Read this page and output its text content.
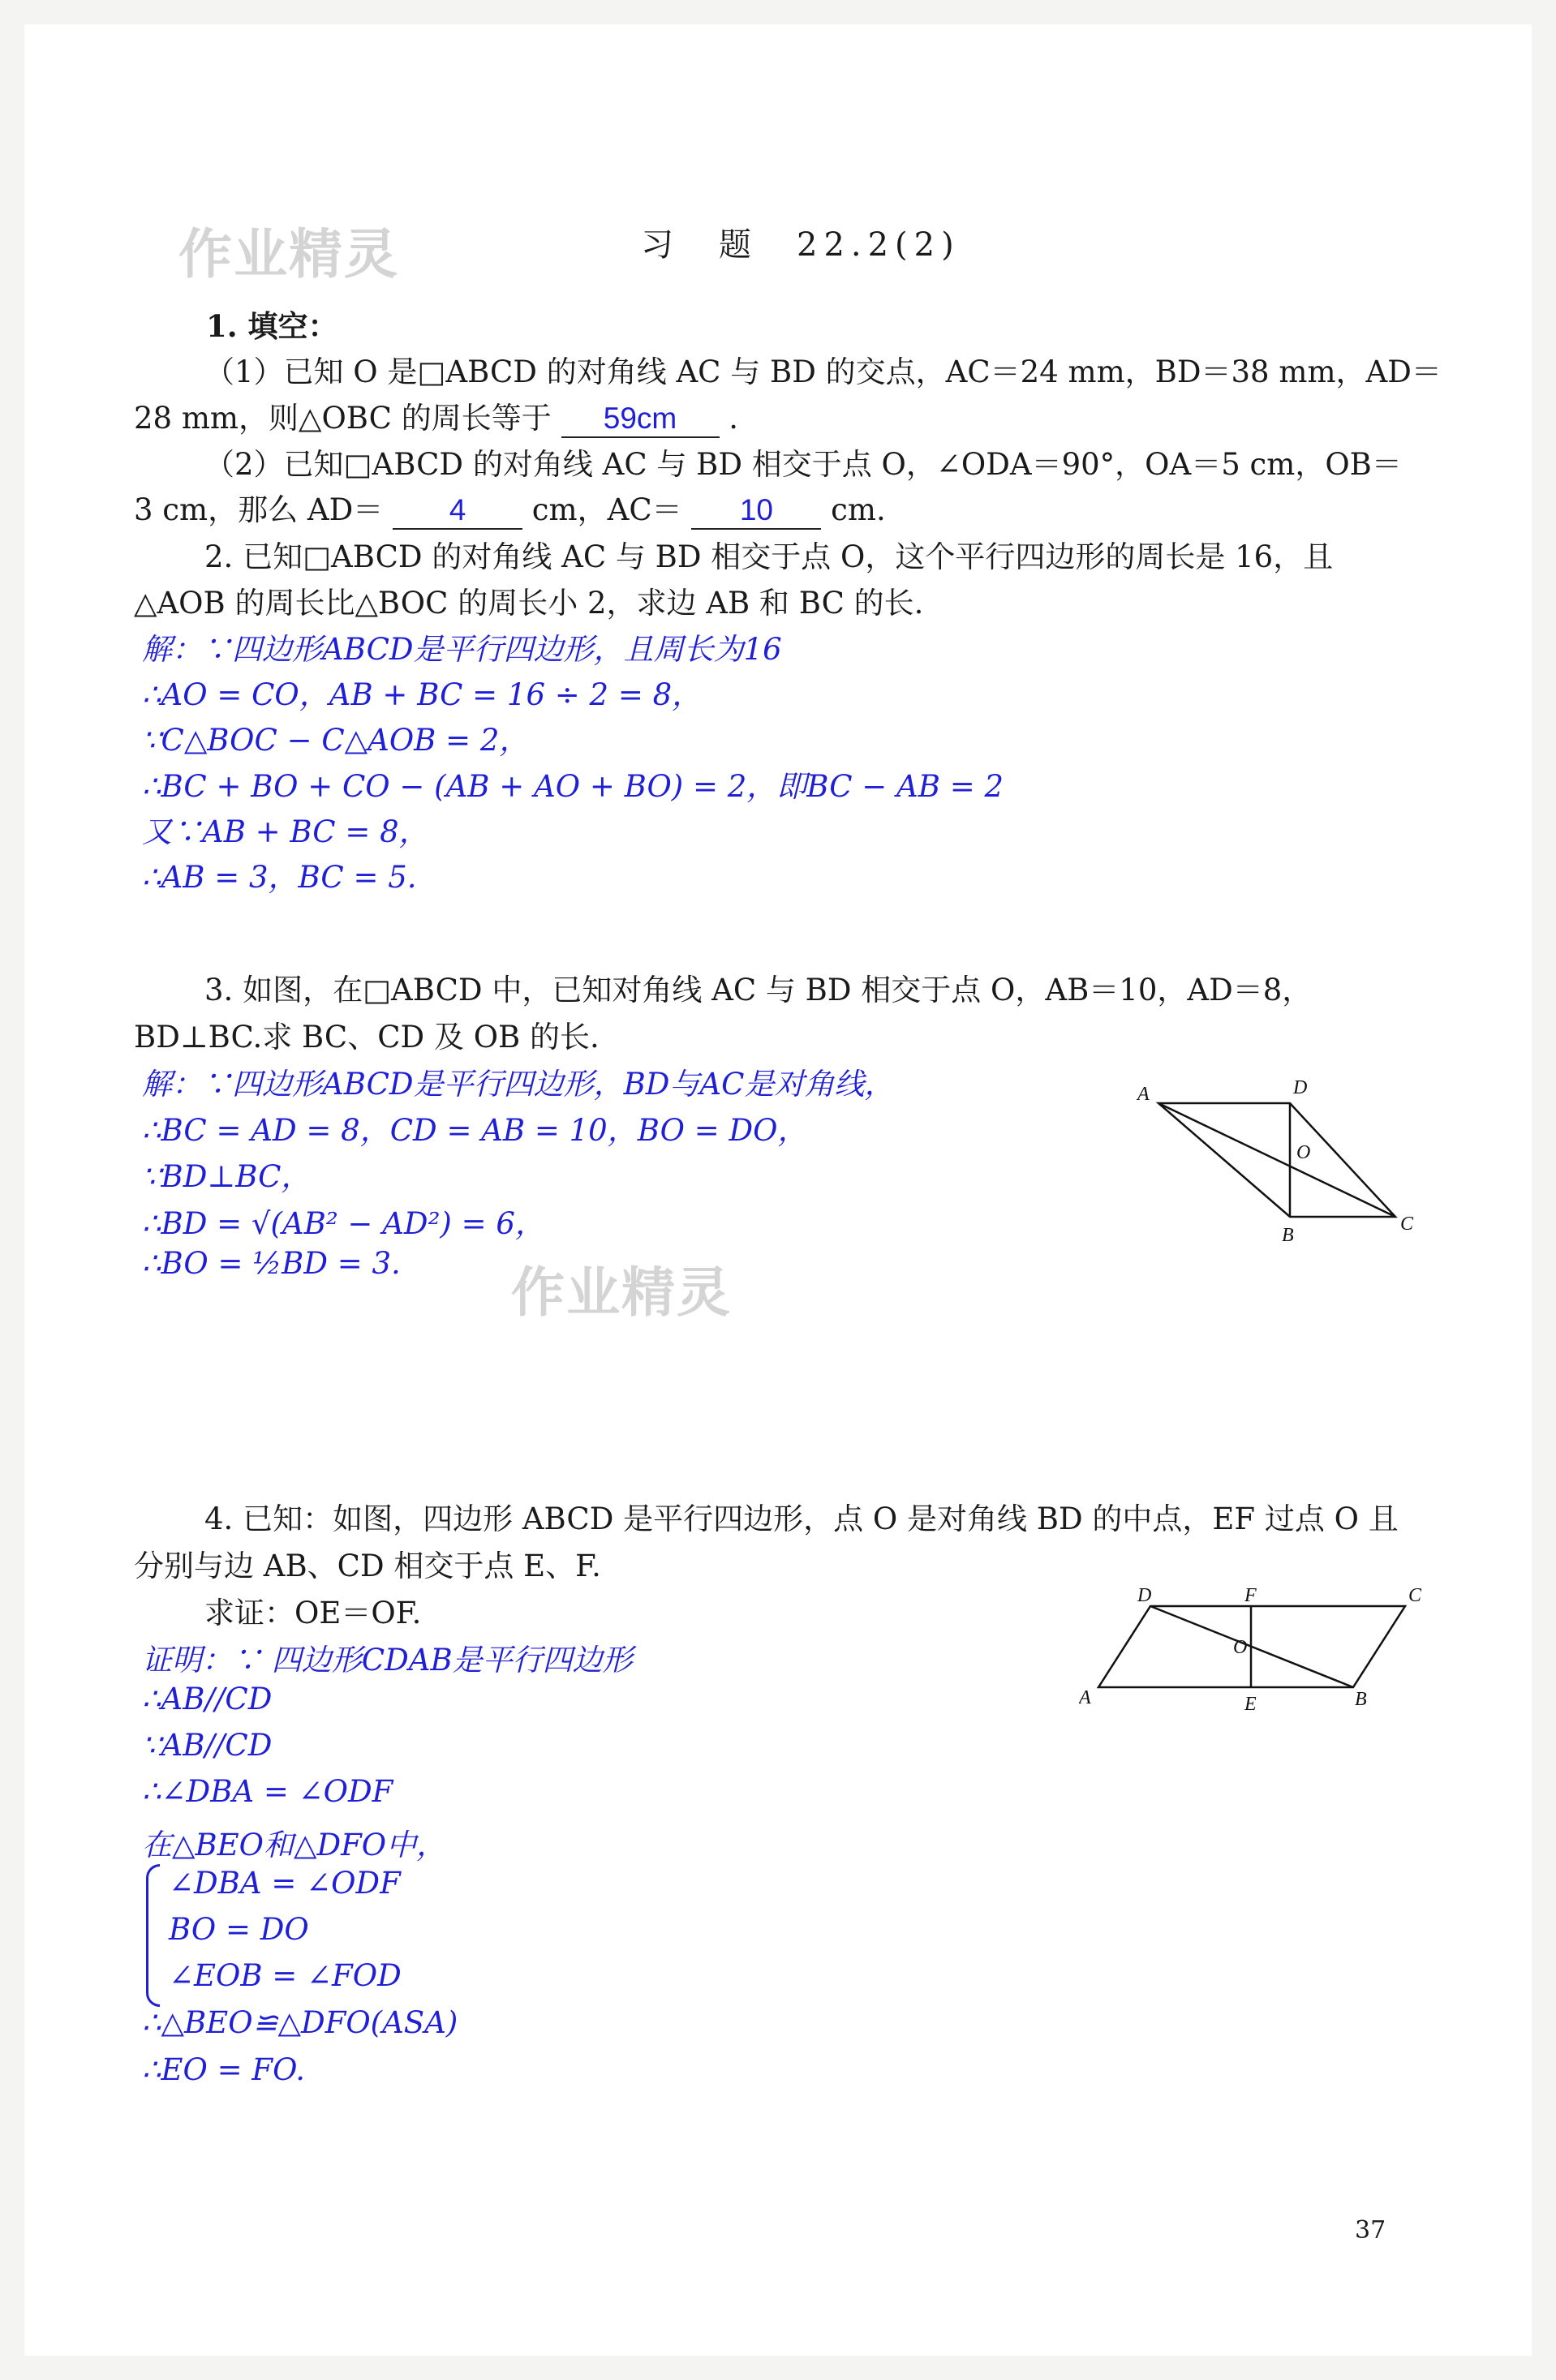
作业精灵
作业精灵
习　题　22.2(2)
1. 填空：
（1）已知 O 是□ABCD 的对角线 AC 与 BD 的交点，AC＝24 mm，BD＝38 mm，AD＝
28 mm，则△OBC 的周长等于 59cm .
（2）已知□ABCD 的对角线 AC 与 BD 相交于点 O，∠ODA＝90°，OA＝5 cm，OB＝
3 cm，那么 AD＝ 4 cm，AC＝ 10 cm.
2. 已知□ABCD 的对角线 AC 与 BD 相交于点 O，这个平行四边形的周长是 16，且
△AOB 的周长比△BOC 的周长小 2，求边 AB 和 BC 的长.
解：∵四边形ABCD是平行四边形，且周长为16
∴AO = CO，AB + BC = 16 ÷ 2 = 8，
∵C△BOC − C△AOB = 2，
∴BC + BO + CO − (AB + AO + BO) = 2，即BC − AB = 2
又∵AB + BC = 8，
∴AB = 3，BC = 5.
3. 如图，在□ABCD 中，已知对角线 AC 与 BD 相交于点 O，AB＝10，AD＝8，
BD⊥BC.求 BC、CD 及 OB 的长.
解：∵四边形ABCD是平行四边形，BD与AC是对角线，
∴BC = AD = 8，CD = AB = 10，BO = DO，
∵BD⊥BC，
∴BD = √(AB² − AD²) = 6，
∴BO = ½BD = 3.
A	D
O
B
C
4. 已知：如图，四边形 ABCD 是平行四边形，点 O 是对角线 BD 的中点，EF 过点 O 且
分别与边 AB、CD 相交于点 E、F.
求证：OE＝OF.
证明：∵ 四边形CDAB是平行四边形
∴AB//CD
∵AB//CD
∴∠DBA = ∠ODF
在△BEO和△DFO中，
∠DBA = ∠ODF
BO = DO
∠EOB = ∠FOD
∴△BEO≌△DFO(ASA)
∴EO = FO.
D	F	C
O
A	E	B
37
